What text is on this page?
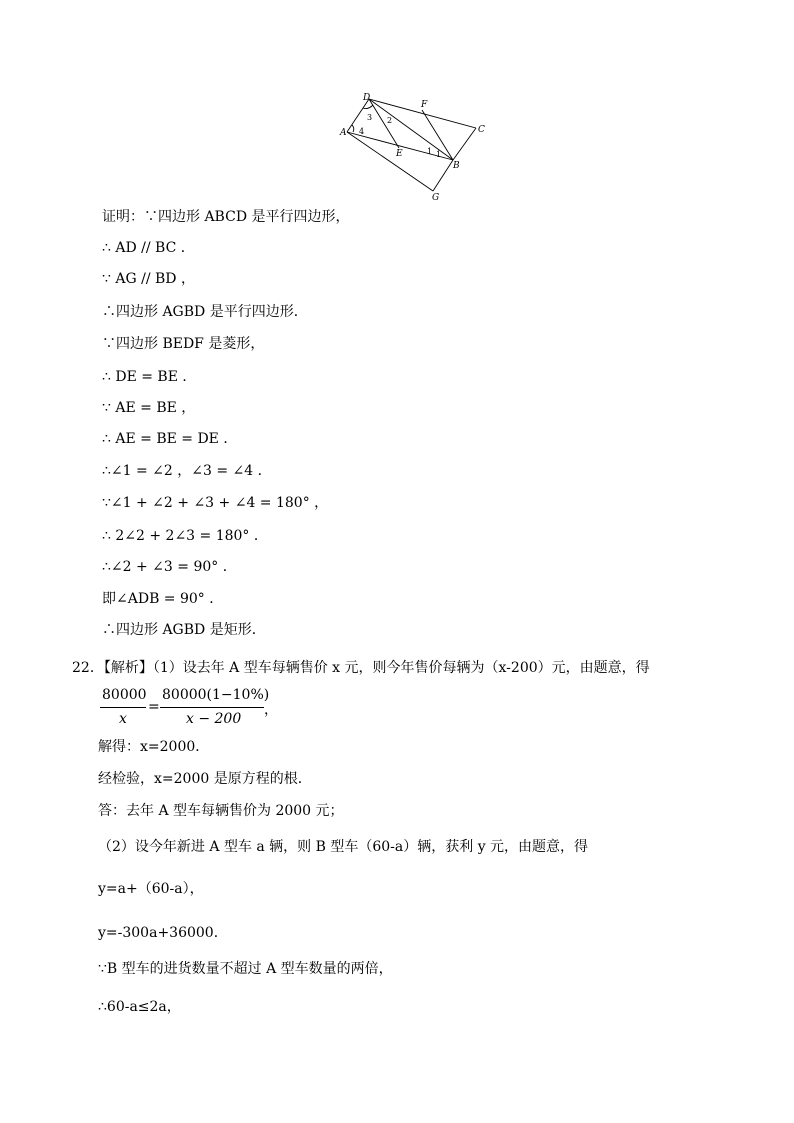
D
F
C
A
E
B
G
3 2
4
1 1
证明：∵四边形 ABCD 是平行四边形，
∴ AD // BC ．
∵ AG // BD ，
∴四边形 AGBD 是平行四边形．
∵四边形 BEDF 是菱形，
∴ DE = BE ．
∵ AE = BE ，
∴ AE = BE = DE ．
∴∠1 = ∠2 ，∠3 = ∠4 ．
∵∠1 + ∠2 + ∠3 + ∠4 = 180° ，
∴ 2∠2 + 2∠3 = 180° ．
∴∠2 + ∠3 = 90° ．
即∠ADB = 90° ．
∴四边形 AGBD 是矩形．
22．【解析】（1）设去年 A 型车每辆售价 x 元，则今年售价每辆为（x-200）元，由题意，得
80000
x
=
80000(1−10%)
x − 200
，
解得：x=2000．
经检验，x=2000 是原方程的根．
答：去年 A 型车每辆售价为 2000 元；
（2）设今年新进 A 型车 a 辆，则 B 型车（60-a）辆，获利 y 元，由题意，得
y=a+（60-a），
y=-300a+36000．
∵B 型车的进货数量不超过 A 型车数量的两倍，
∴60-a≤2a，
